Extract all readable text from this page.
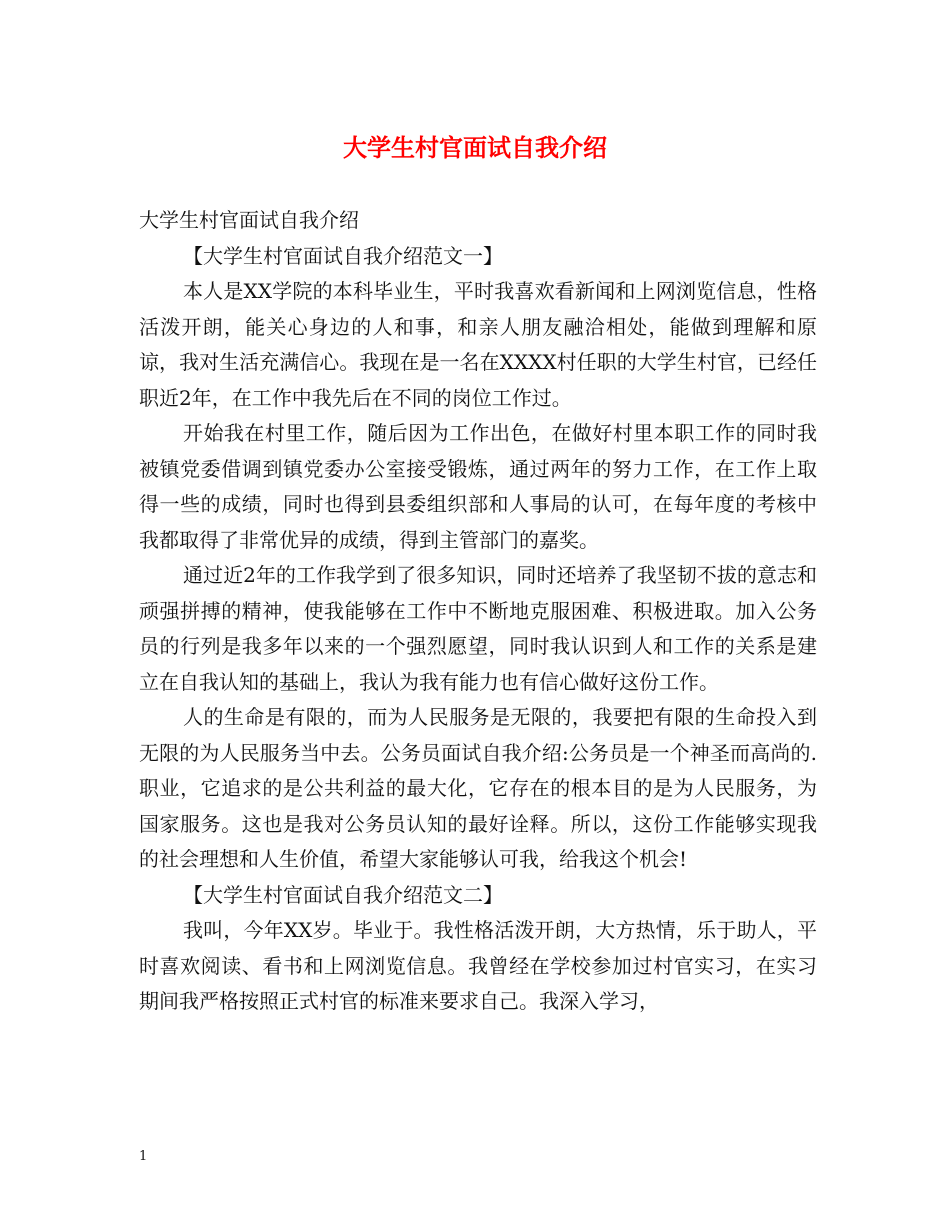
大学生村官面试自我介绍

大学生村官面试自我介绍

【大学生村官面试自我介绍范文一】

本人是XX学院的本科毕业生，平时我喜欢看新闻和上网浏览信息，性格活泼开朗，能关心身边的人和事，和亲人朋友融洽相处，能做到理解和原谅，我对生活充满信心。我现在是一名在XXXX村任职的大学生村官，已经任职近2年，在工作中我先后在不同的岗位工作过。

开始我在村里工作，随后因为工作出色，在做好村里本职工作的同时我被镇党委借调到镇党委办公室接受锻炼，通过两年的努力工作，在工作上取得一些的成绩，同时也得到县委组织部和人事局的认可，在每年度的考核中我都取得了非常优异的成绩，得到主管部门的嘉奖。

通过近2年的工作我学到了很多知识，同时还培养了我坚韧不拔的意志和顽强拼搏的精神，使我能够在工作中不断地克服困难、积极进取。加入公务员的行列是我多年以来的一个强烈愿望，同时我认识到人和工作的关系是建立在自我认知的基础上，我认为我有能力也有信心做好这份工作。

人的生命是有限的，而为人民服务是无限的，我要把有限的生命投入到无限的为人民服务当中去。公务员面试自我介绍:公务员是一个神圣而高尚的.职业，它追求的是公共利益的最大化，它存在的根本目的是为人民服务，为国家服务。这也是我对公务员认知的最好诠释。所以，这份工作能够实现我的社会理想和人生价值，希望大家能够认可我，给我这个机会!

【大学生村官面试自我介绍范文二】

我叫，今年XX岁。毕业于。我性格活泼开朗，大方热情，乐于助人，平时喜欢阅读、看书和上网浏览信息。我曾经在学校参加过村官实习，在实习期间我严格按照正式村官的标准来要求自己。我深入学习，

1
